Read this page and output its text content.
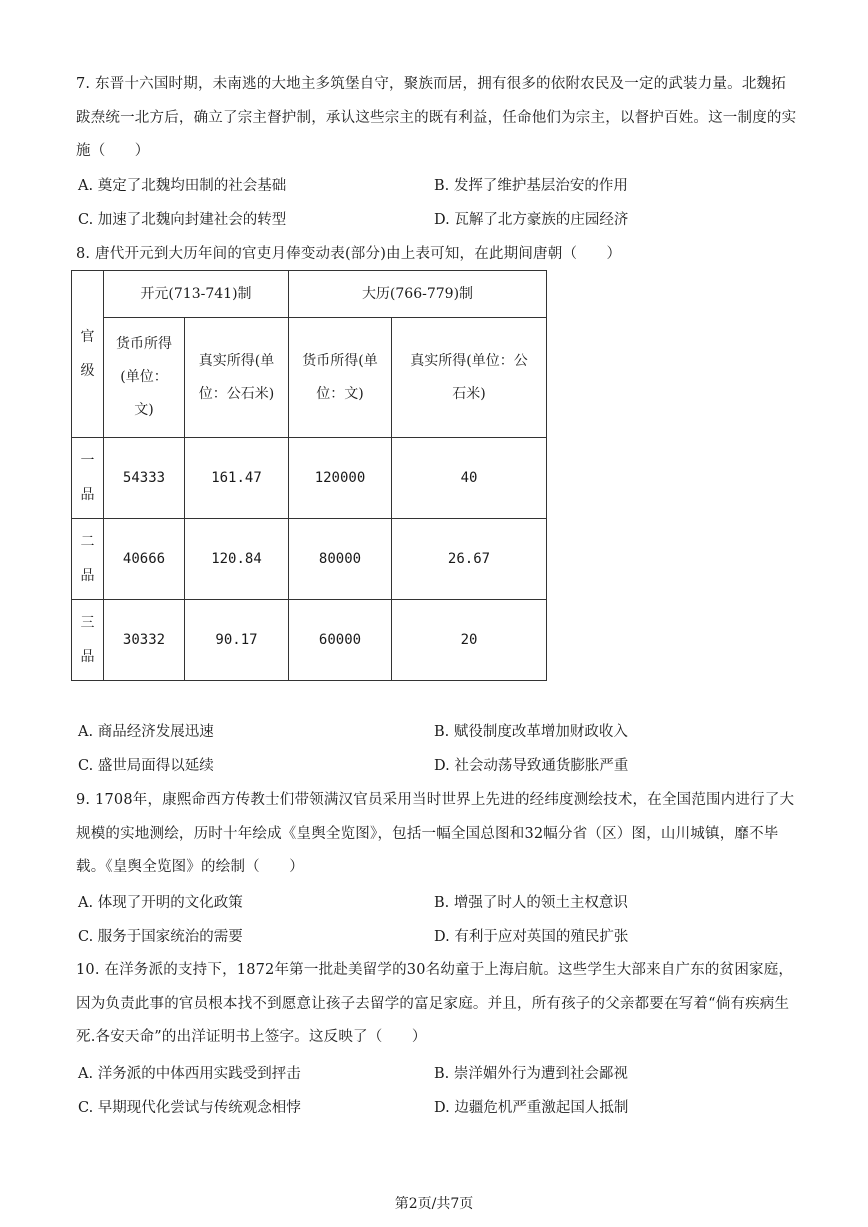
7. 东晋十六国时期，未南逃的大地主多筑堡自守，聚族而居，拥有很多的依附农民及一定的武装力量。北魏拓跋焘统一北方后，确立了宗主督护制，承认这些宗主的既有利益，任命他们为宗主，以督护百姓。这一制度的实施（　　）
A. 奠定了北魏均田制的社会基础	B. 发挥了维护基层治安的作用
C. 加速了北魏向封建社会的转型	D. 瓦解了北方豪族的庄园经济
8. 唐代开元到大历年间的官吏月俸变动表(部分)由上表可知，在此期间唐朝（　　）
官级	开元(713-741)制		大历(766-779)制	
	货币所得(单位：文)	真实所得(单位：公石米)	货币所得(单位：文)	真实所得(单位：公石米)
一品	54333	161.47	120000	40
二品	40666	120.84	80000	26.67
三品	30332	90.17	60000	20
A. 商品经济发展迅速	B. 赋役制度改革增加财政收入
C. 盛世局面得以延续	D. 社会动荡导致通货膨胀严重
9. 1708年，康熙命西方传教士们带领满汉官员采用当时世界上先进的经纬度测绘技术，在全国范围内进行了大规模的实地测绘，历时十年绘成《皇舆全览图》，包括一幅全国总图和32幅分省（区）图，山川城镇，靡不毕载。《皇舆全览图》的绘制（　　）
A. 体现了开明的文化政策	B. 增强了时人的领土主权意识
C. 服务于国家统治的需要	D. 有利于应对英国的殖民扩张
10. 在洋务派的支持下，1872年第一批赴美留学的30名幼童于上海启航。这些学生大部来自广东的贫困家庭，因为负责此事的官员根本找不到愿意让孩子去留学的富足家庭。并且，所有孩子的父亲都要在写着“倘有疾病生死.各安天命”的出洋证明书上签字。这反映了（　　）
A. 洋务派的中体西用实践受到抨击	B. 崇洋媚外行为遭到社会鄙视
C. 早期现代化尝试与传统观念相悖	D. 边疆危机严重激起国人抵制
第2页/共7页
